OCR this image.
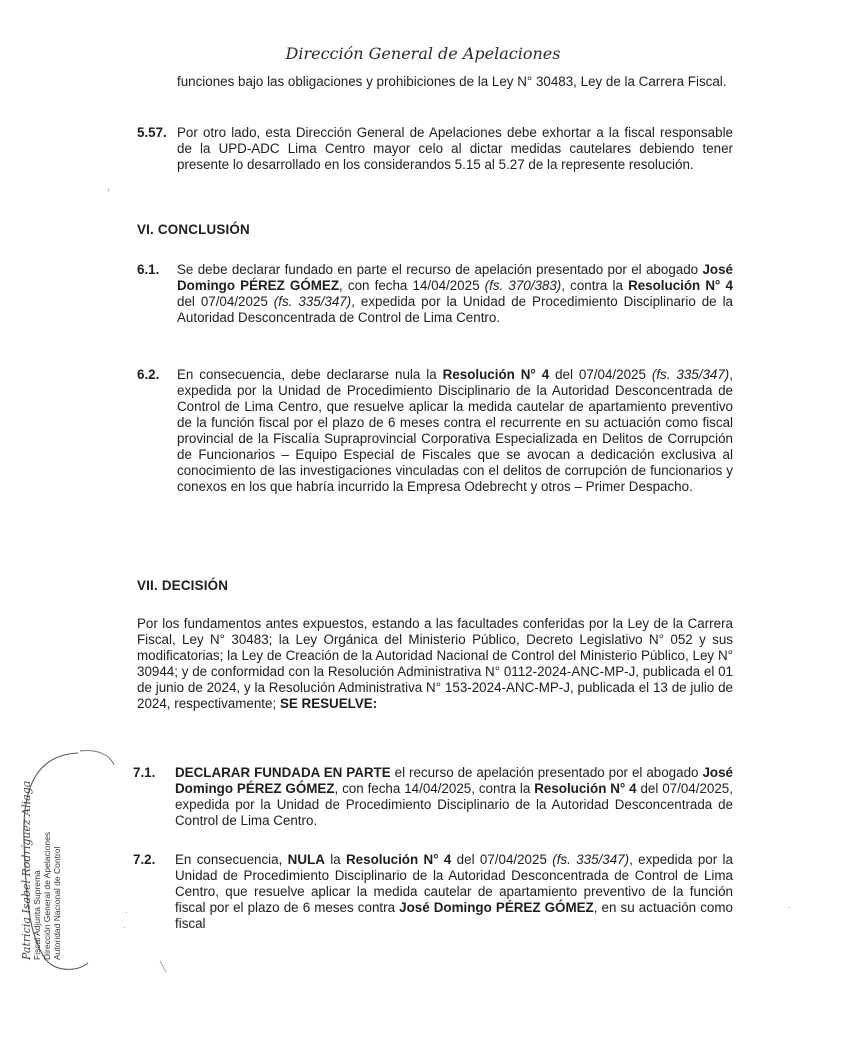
Dirección General de Apelaciones
funciones bajo las obligaciones y prohibiciones de la Ley N° 30483, Ley de la Carrera Fiscal.
5.57. Por otro lado, esta Dirección General de Apelaciones debe exhortar a la fiscal responsable de la UPD-ADC Lima Centro mayor celo al dictar medidas cautelares debiendo tener presente lo desarrollado en los considerandos 5.15 al 5.27 de la represente resolución.
VI. CONCLUSIÓN
6.1. Se debe declarar fundado en parte el recurso de apelación presentado por el abogado José Domingo PÉREZ GÓMEZ, con fecha 14/04/2025 (fs. 370/383), contra la Resolución N° 4 del 07/04/2025 (fs. 335/347), expedida por la Unidad de Procedimiento Disciplinario de la Autoridad Desconcentrada de Control de Lima Centro.
6.2. En consecuencia, debe declararse nula la Resolución N° 4 del 07/04/2025 (fs. 335/347), expedida por la Unidad de Procedimiento Disciplinario de la Autoridad Desconcentrada de Control de Lima Centro, que resuelve aplicar la medida cautelar de apartamiento preventivo de la función fiscal por el plazo de 6 meses contra el recurrente en su actuación como fiscal provincial de la Fiscalía Supraprovincial Corporativa Especializada en Delitos de Corrupción de Funcionarios – Equipo Especial de Fiscales que se avocan a dedicación exclusiva al conocimiento de las investigaciones vinculadas con el delitos de corrupción de funcionarios y conexos en los que habría incurrido la Empresa Odebrecht y otros – Primer Despacho.
VII. DECISIÓN
Por los fundamentos antes expuestos, estando a las facultades conferidas por la Ley de la Carrera Fiscal, Ley N° 30483; la Ley Orgánica del Ministerio Público, Decreto Legislativo N° 052 y sus modificatorias; la Ley de Creación de la Autoridad Nacional de Control del Ministerio Público, Ley N° 30944; y de conformidad con la Resolución Administrativa N° 0112-2024-ANC-MP-J, publicada el 01 de junio de 2024, y la Resolución Administrativa N° 153-2024-ANC-MP-J, publicada el 13 de julio de 2024, respectivamente; SE RESUELVE:
7.1. DECLARAR FUNDADA EN PARTE el recurso de apelación presentado por el abogado José Domingo PÉREZ GÓMEZ, con fecha 14/04/2025, contra la Resolución N° 4 del 07/04/2025, expedida por la Unidad de Procedimiento Disciplinario de la Autoridad Desconcentrada de Control de Lima Centro.
7.2. En consecuencia, NULA la Resolución N° 4 del 07/04/2025 (fs. 335/347), expedida por la Unidad de Procedimiento Disciplinario de la Autoridad Desconcentrada de Control de Lima Centro, que resuelve aplicar la medida cautelar de apartamiento preventivo de la función fiscal por el plazo de 6 meses contra José Domingo PÉREZ GÓMEZ, en su actuación como fiscal
Patricia Isabel Rodríguez Aliaga Fiscal Adjunta Suprema Dirección General de Apelaciones Autoridad Nacional de Control
,
.
.
.
╲
